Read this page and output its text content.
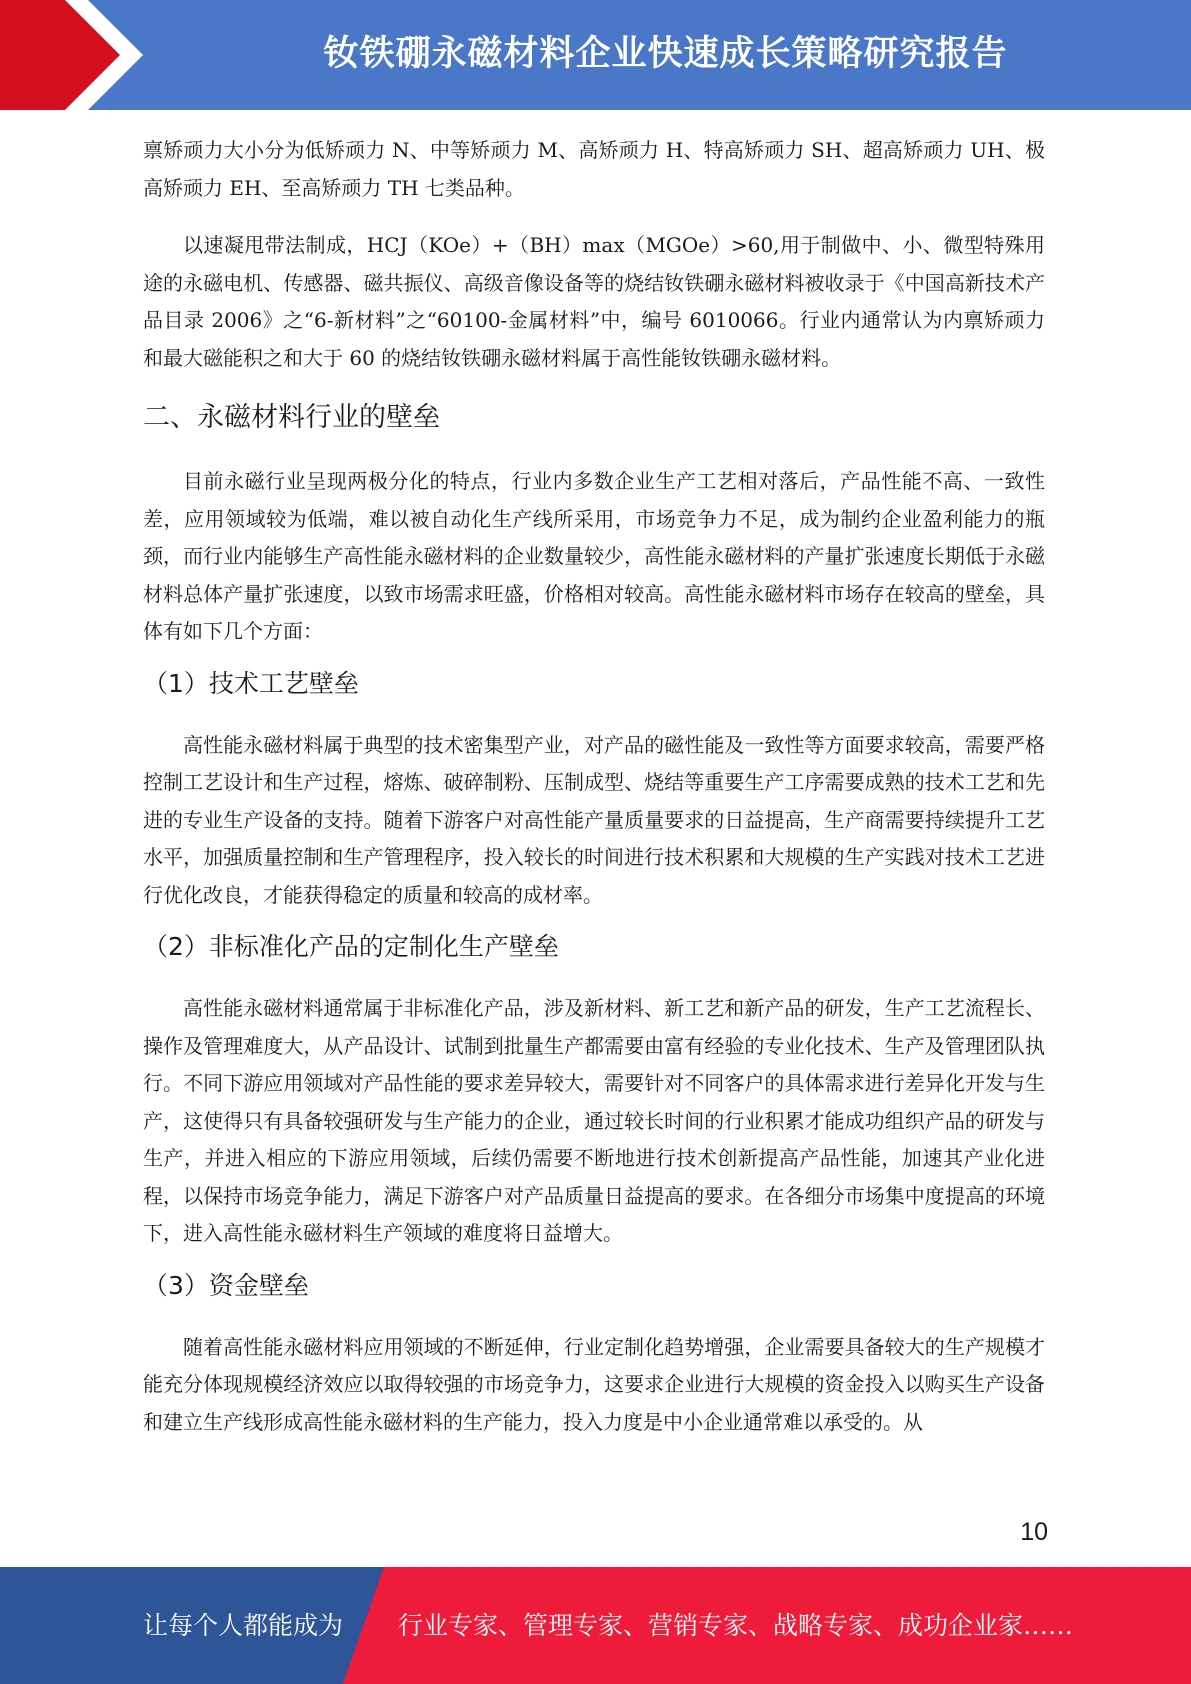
钕铁硼永磁材料企业快速成长策略研究报告

禀矫顽力大小分为低矫顽力 N、中等矫顽力 M、高矫顽力 H、特高矫顽力 SH、超高矫顽力 UH、极高矫顽力 EH、至高矫顽力 TH 七类品种。

以速凝甩带法制成，HCJ（KOe）+（BH）max（MGOe）>60,用于制做中、小、微型特殊用途的永磁电机、传感器、磁共振仪、高级音像设备等的烧结钕铁硼永磁材料被收录于《中国高新技术产品目录 2006》之“6-新材料”之“60100-金属材料”中，编号 6010066。行业内通常认为内禀矫顽力和最大磁能积之和大于 60 的烧结钕铁硼永磁材料属于高性能钕铁硼永磁材料。

二、永磁材料行业的壁垒

目前永磁行业呈现两极分化的特点，行业内多数企业生产工艺相对落后，产品性能不高、一致性差，应用领域较为低端，难以被自动化生产线所采用，市场竞争力不足，成为制约企业盈利能力的瓶颈，而行业内能够生产高性能永磁材料的企业数量较少，高性能永磁材料的产量扩张速度长期低于永磁材料总体产量扩张速度，以致市场需求旺盛，价格相对较高。高性能永磁材料市场存在较高的壁垒，具体有如下几个方面：

（1）技术工艺壁垒

高性能永磁材料属于典型的技术密集型产业，对产品的磁性能及一致性等方面要求较高，需要严格控制工艺设计和生产过程，熔炼、破碎制粉、压制成型、烧结等重要生产工序需要成熟的技术工艺和先进的专业生产设备的支持。随着下游客户对高性能产量质量要求的日益提高，生产商需要持续提升工艺水平，加强质量控制和生产管理程序，投入较长的时间进行技术积累和大规模的生产实践对技术工艺进行优化改良，才能获得稳定的质量和较高的成材率。

（2）非标准化产品的定制化生产壁垒

高性能永磁材料通常属于非标准化产品，涉及新材料、新工艺和新产品的研发，生产工艺流程长、操作及管理难度大，从产品设计、试制到批量生产都需要由富有经验的专业化技术、生产及管理团队执行。不同下游应用领域对产品性能的要求差异较大，需要针对不同客户的具体需求进行差异化开发与生产，这使得只有具备较强研发与生产能力的企业，通过较长时间的行业积累才能成功组织产品的研发与生产，并进入相应的下游应用领域，后续仍需要不断地进行技术创新提高产品性能，加速其产业化进程，以保持市场竞争能力，满足下游客户对产品质量日益提高的要求。在各细分市场集中度提高的环境下，进入高性能永磁材料生产领域的难度将日益增大。

（3）资金壁垒

随着高性能永磁材料应用领域的不断延伸，行业定制化趋势增强，企业需要具备较大的生产规模才能充分体现规模经济效应以取得较强的市场竞争力，这要求企业进行大规模的资金投入以购买生产设备和建立生产线形成高性能永磁材料的生产能力，投入力度是中小企业通常难以承受的。从

10
让每个人都能成为 行业专家、管理专家、营销专家、战略专家、成功企业家……
